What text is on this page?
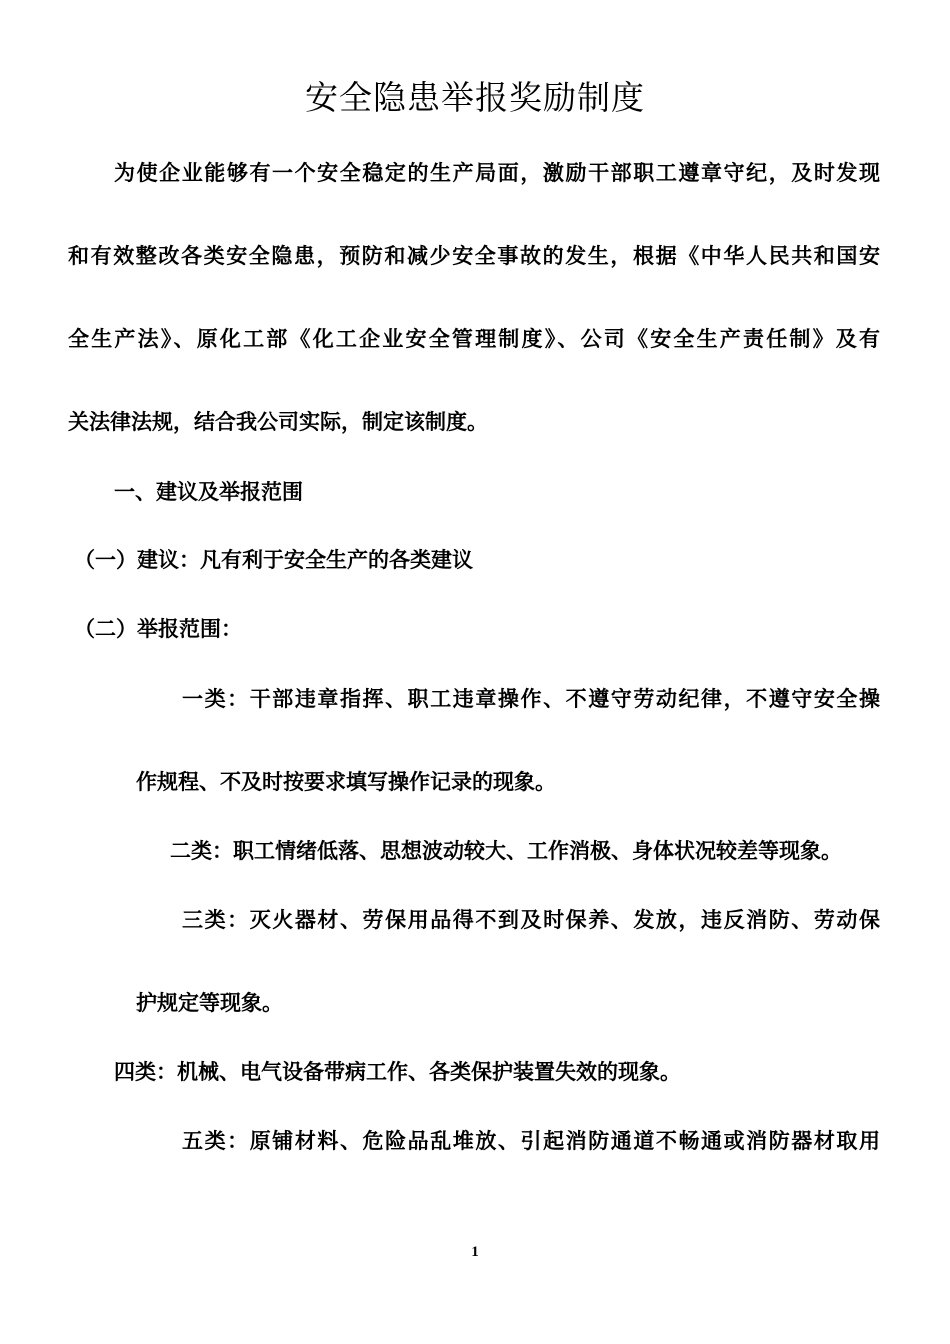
安全隐患举报奖励制度
为使企业能够有一个安全稳定的生产局面，激励干部职工遵章守纪，及时发现
和有效整改各类安全隐患，预防和减少安全事故的发生，根据《中华人民共和国安
全生产法》、原化工部《化工企业安全管理制度》、公司《安全生产责任制》及有
关法律法规，结合我公司实际，制定该制度。
一、建议及举报范围
（一）建议：凡有利于安全生产的各类建议
（二）举报范围：
一类：干部违章指挥、职工违章操作、不遵守劳动纪律，不遵守安全操
作规程、不及时按要求填写操作记录的现象。
二类：职工情绪低落、思想波动较大、工作消极、身体状况较差等现象。
三类：灭火器材、劳保用品得不到及时保养、发放，违反消防、劳动保
护规定等现象。
四类：机械、电气设备带病工作、各类保护装置失效的现象。
五类：原铺材料、危险品乱堆放、引起消防通道不畅通或消防器材取用
1
